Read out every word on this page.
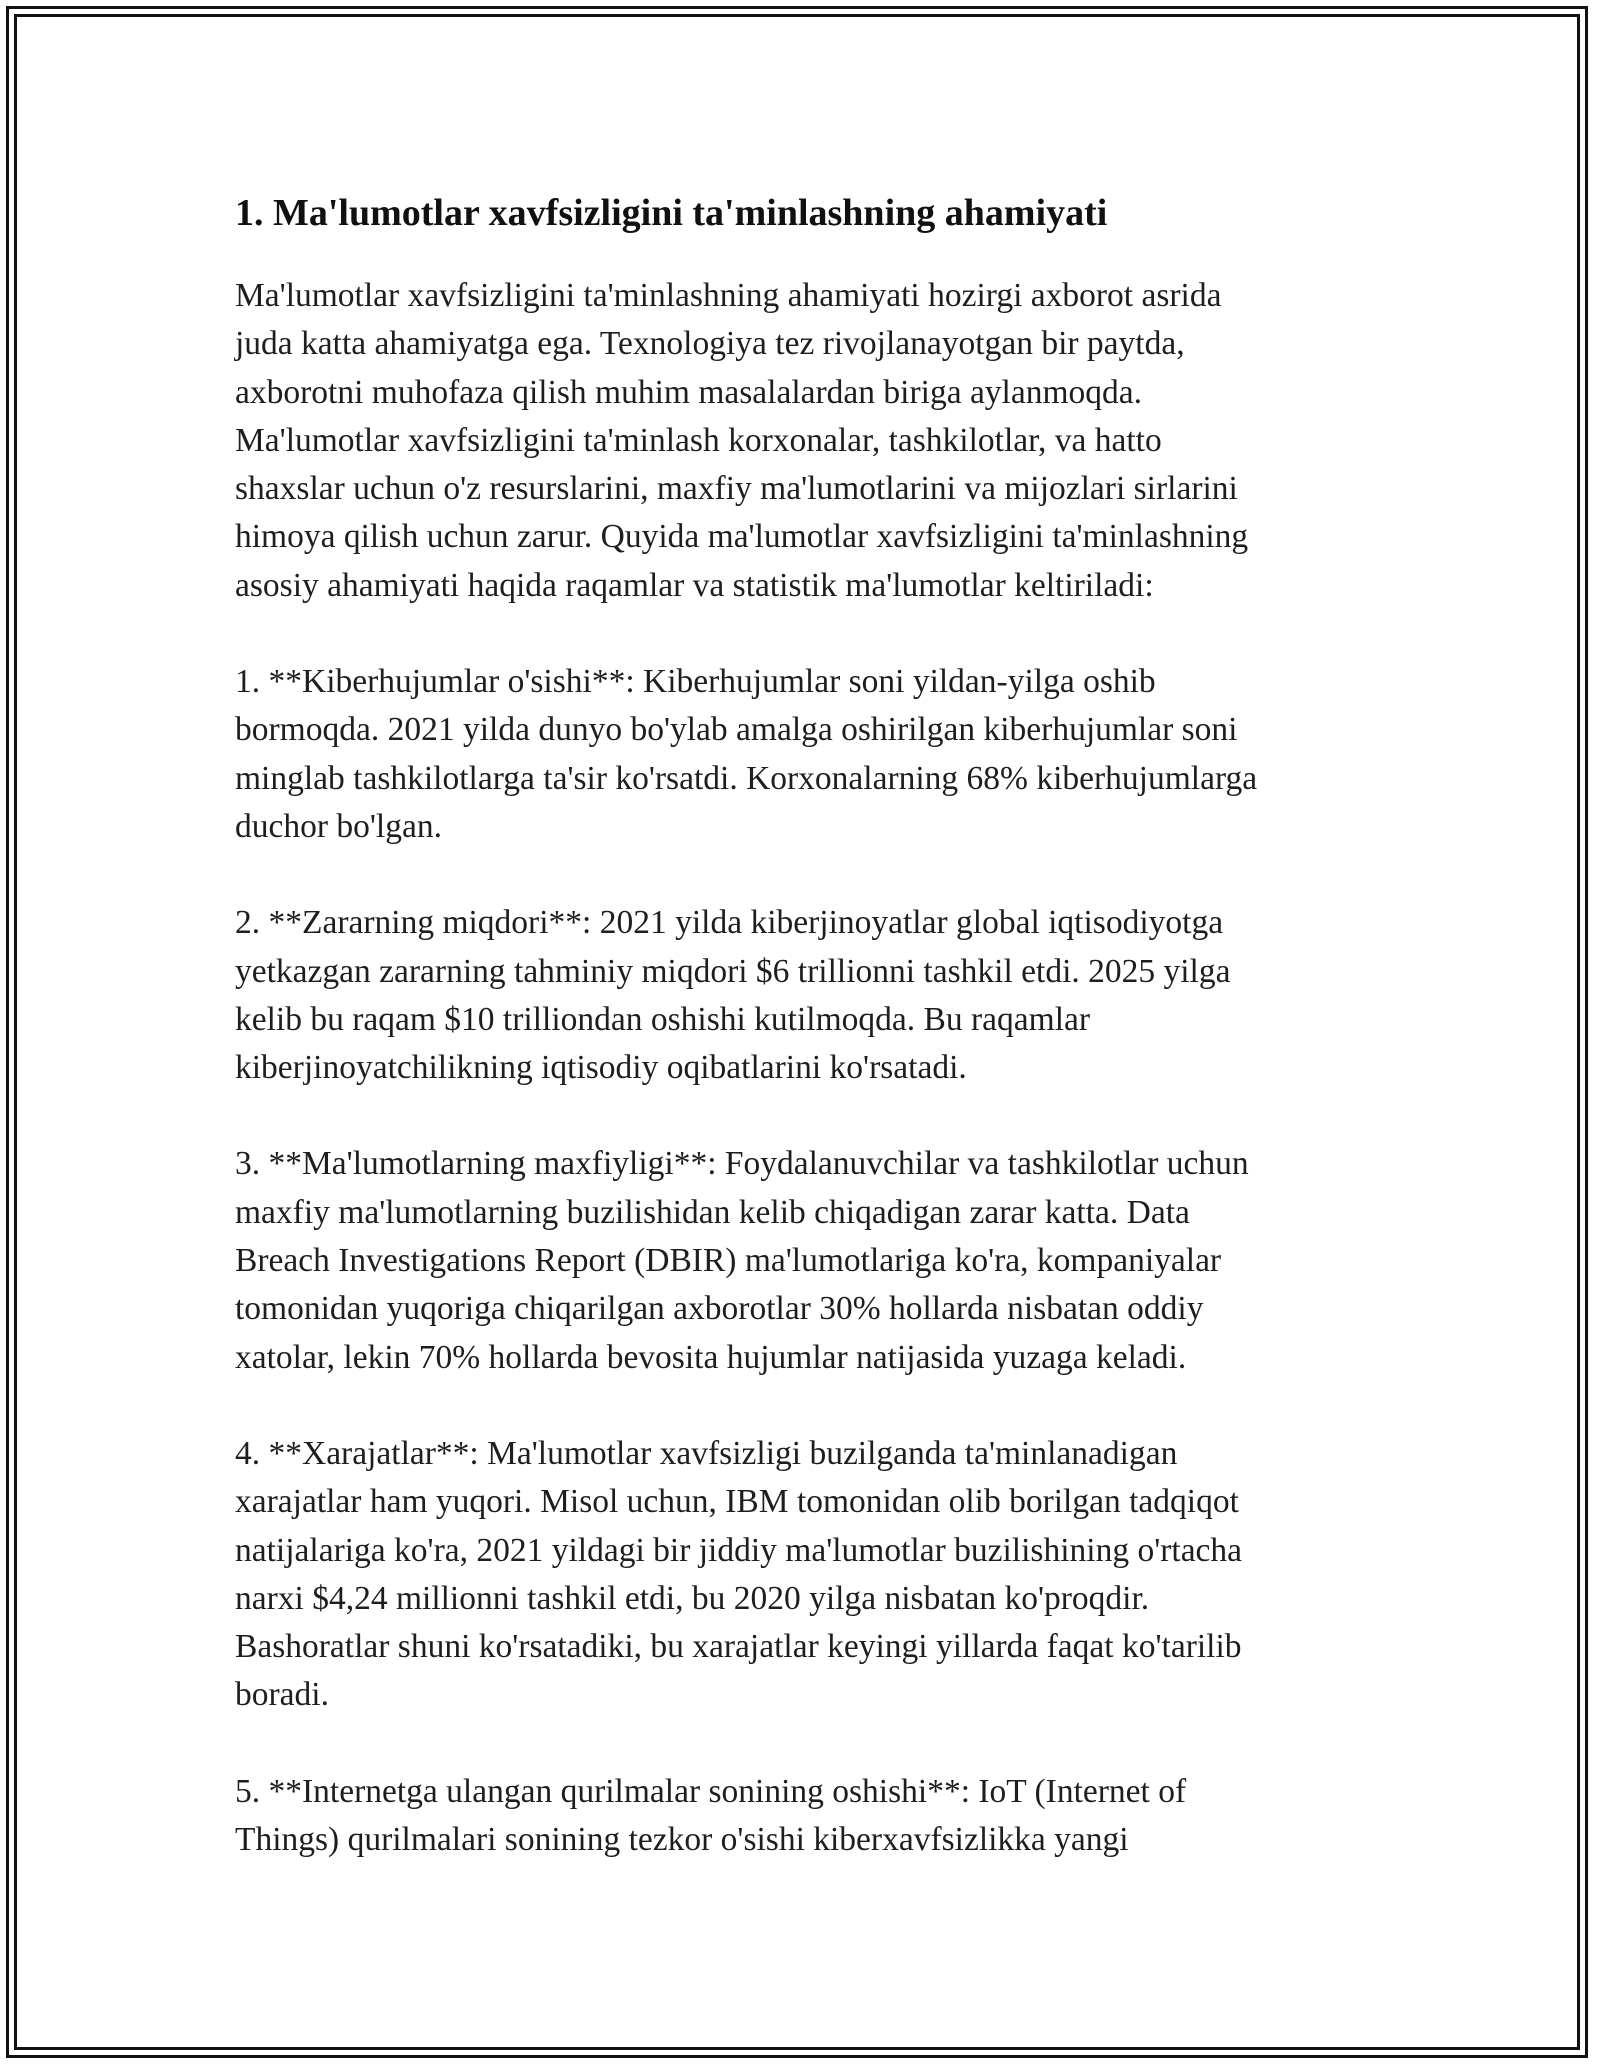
1. Ma'lumotlar xavfsizligini ta'minlashning ahamiyati

Ma'lumotlar xavfsizligini ta'minlashning ahamiyati hozirgi axborot asrida
juda katta ahamiyatga ega. Texnologiya tez rivojlanayotgan bir paytda,
axborotni muhofaza qilish muhim masalalardan biriga aylanmoqda.
Ma'lumotlar xavfsizligini ta'minlash korxonalar, tashkilotlar, va hatto
shaxslar uchun o'z resurslarini, maxfiy ma'lumotlarini va mijozlari sirlarini
himoya qilish uchun zarur. Quyida ma'lumotlar xavfsizligini ta'minlashning
asosiy ahamiyati haqida raqamlar va statistik ma'lumotlar keltiriladi:

1. **Kiberhujumlar o'sishi**: Kiberhujumlar soni yildan-yilga oshib
bormoqda. 2021 yilda dunyo bo'ylab amalga oshirilgan kiberhujumlar soni
minglab tashkilotlarga ta'sir ko'rsatdi. Korxonalarning 68% kiberhujumlarga
duchor bo'lgan.

2. **Zararning miqdori**: 2021 yilda kiberjinoyatlar global iqtisodiyotga
yetkazgan zararning tahminiy miqdori $6 trillionni tashkil etdi. 2025 yilga
kelib bu raqam $10 trilliondan oshishi kutilmoqda. Bu raqamlar
kiberjinoyatchilikning iqtisodiy oqibatlarini ko'rsatadi.

3. **Ma'lumotlarning maxfiyligi**: Foydalanuvchilar va tashkilotlar uchun
maxfiy ma'lumotlarning buzilishidan kelib chiqadigan zarar katta. Data
Breach Investigations Report (DBIR) ma'lumotlariga ko'ra, kompaniyalar
tomonidan yuqoriga chiqarilgan axborotlar 30% hollarda nisbatan oddiy
xatolar, lekin 70% hollarda bevosita hujumlar natijasida yuzaga keladi.

4. **Xarajatlar**: Ma'lumotlar xavfsizligi buzilganda ta'minlanadigan
xarajatlar ham yuqori. Misol uchun, IBM tomonidan olib borilgan tadqiqot
natijalariga ko'ra, 2021 yildagi bir jiddiy ma'lumotlar buzilishining o'rtacha
narxi $4,24 millionni tashkil etdi, bu 2020 yilga nisbatan ko'proqdir.
Bashoratlar shuni ko'rsatadiki, bu xarajatlar keyingi yillarda faqat ko'tarilib
boradi.

5. **Internetga ulangan qurilmalar sonining oshishi**: IoT (Internet of
Things) qurilmalari sonining tezkor o'sishi kiberxavfsizlikka yangi
